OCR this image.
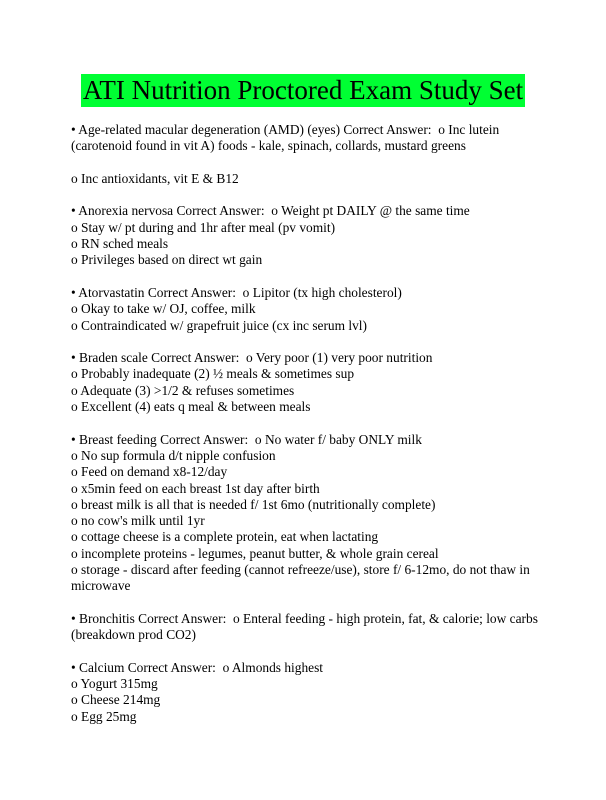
ATI Nutrition Proctored Exam Study Set
• Age-related macular degeneration (AMD) (eyes) Correct Answer:  o Inc lutein (carotenoid found in vit A) foods - kale, spinach, collards, mustard greens
o Inc antioxidants, vit E & B12
• Anorexia nervosa Correct Answer:  o Weight pt DAILY @ the same time
o Stay w/ pt during and 1hr after meal (pv vomit)
o RN sched meals
o Privileges based on direct wt gain
• Atorvastatin Correct Answer:  o Lipitor (tx high cholesterol)
o Okay to take w/ OJ, coffee, milk
o Contraindicated w/ grapefruit juice (cx inc serum lvl)
• Braden scale Correct Answer:  o Very poor (1) very poor nutrition
o Probably inadequate (2) ½ meals & sometimes sup
o Adequate (3) >1/2 & refuses sometimes
o Excellent (4) eats q meal & between meals
• Breast feeding Correct Answer:  o No water f/ baby ONLY milk
o No sup formula d/t nipple confusion
o Feed on demand x8-12/day
o x5min feed on each breast 1st day after birth
o breast milk is all that is needed f/ 1st 6mo (nutritionally complete)
o no cow's milk until 1yr
o cottage cheese is a complete protein, eat when lactating
o incomplete proteins - legumes, peanut butter, & whole grain cereal
o storage - discard after feeding (cannot refreeze/use), store f/ 6-12mo, do not thaw in microwave
• Bronchitis Correct Answer:  o Enteral feeding - high protein, fat, & calorie; low carbs (breakdown prod CO2)
• Calcium Correct Answer:  o Almonds highest
o Yogurt 315mg
o Cheese 214mg
o Egg 25mg
